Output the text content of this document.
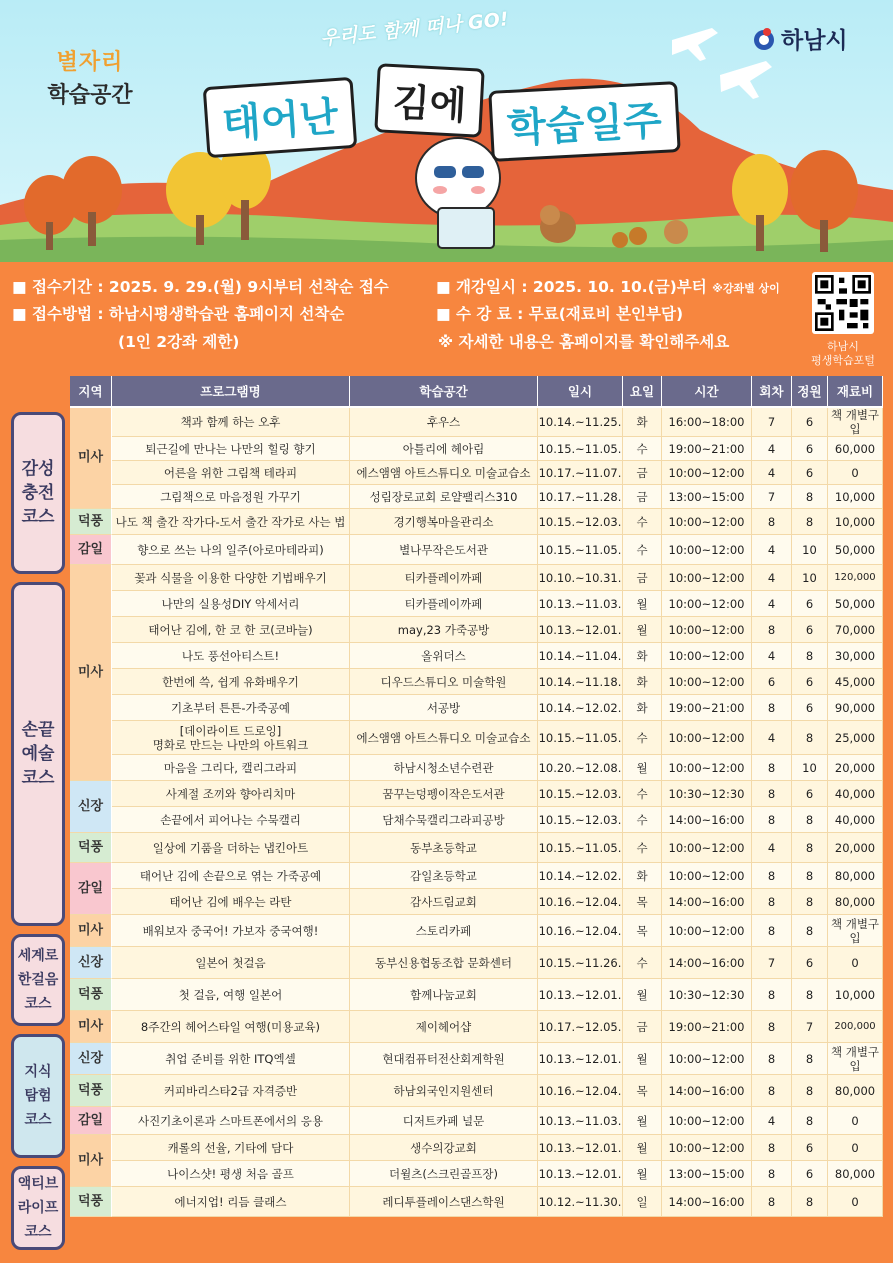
별자리
학습공간
우리도 함께 떠나 GO!	하남시
태어난	김에 학습일주
■ 접수기간 : 2025. 9. 29.(월) 9시부터 선착순 접수	■ 개강일시 : 2025. 10. 10.(금)부터 ※강좌별 상이
■ 접수방법 : 하남시평생학습관 홈페이지 선착순	■ 수 강 료 : 무료(재료비 본인부담)
(1인 2강좌 제한)	※ 자세한 내용은 홈페이지를 확인해주세요	하남시
평생학습포털
감성
충전
코스
손끝
예술
코스
세계로
한걸음
코스
지식
탐험
코스
액티브
라이프
코스
지역	프로그램명	학습공간	일시	요일	시간	회차	정원	재료비
미사	책과 함께 하는 오후	후우스	10.14.~11.25.	화	16:00~18:00	7	6	책 개별구입
	퇴근길에 만나는 나만의 힐링 향기	아틀리에 헤아림	10.15.~11.05.	수	19:00~21:00	4	6	60,000
	어른을 위한 그림책 테라피	에스앰앰 아트스튜디오 미술교습소	10.17.~11.07.	금	10:00~12:00	4	6	0
	그림책으로 마음정원 가꾸기	성림장로교회 로얄팰리스310	10.17.~11.28.	금	13:00~15:00	7	8	10,000
덕풍	나도 책 출간 작가다-도서 출간 작가로 사는 법	경기행복마을관리소	10.15.~12.03.	수	10:00~12:00	8	8	10,000
감일	향으로 쓰는 나의 일주(아로마테라피)	별나무작은도서관	10.15.~11.05.	수	10:00~12:00	4	10	50,000
미사	꽃과 식물을 이용한 다양한 기법배우기	티카플레이까페	10.10.~10.31.	금	10:00~12:00	4	10	120,000
	나만의 실용성DIY 악세서리	티카플레이까페	10.13.~11.03.	월	10:00~12:00	4	6	50,000
	태어난 김에, 한 코 한 코(코바늘)	may,23 가죽공방	10.13.~12.01.	월	10:00~12:00	8	6	70,000
	나도 풍선아티스트!	올위더스	10.14.~11.04.	화	10:00~12:00	4	8	30,000
	한번에 쓱, 쉽게 유화배우기	디우드스튜디오 미술학원	10.14.~11.18.	화	10:00~12:00	6	6	45,000
	기초부터 튼튼-가죽공예	서공방	10.14.~12.02.	화	19:00~21:00	8	6	90,000
	[데이라이트 드로잉]
명화로 만드는 나만의 아트워크	에스앰앰 아트스튜디오 미술교습소	10.15.~11.05.	수	10:00~12:00	4	8	25,000
	마음을 그리다, 캘리그라피	하남시청소년수련관	10.20.~12.08.	월	10:00~12:00	8	10	20,000
신장	사계절 조끼와 향아리치마	꿈꾸는덩펭이작은도서관	10.15.~12.03.	수	10:30~12:30	8	6	40,000
	손끝에서 피어나는 수묵캘리	담채수묵캘리그라피공방	10.15.~12.03.	수	14:00~16:00	8	8	40,000
덕풍	일상에 기품을 더하는 냅킨아트	동부초등학교	10.15.~11.05.	수	10:00~12:00	4	8	20,000
감일	태어난 김에 손끝으로 엮는 가죽공예	감일초등학교	10.14.~12.02.	화	10:00~12:00	8	8	80,000
	태어난 김에 배우는 라탄	감사드림교회	10.16.~12.04.	목	14:00~16:00	8	8	80,000
미사	배워보자 중국어! 가보자 중국여행!	스토리카페	10.16.~12.04.	목	10:00~12:00	8	8	책 개별구입
신장	일본어 첫걸음	동부신용협동조합 문화센터	10.15.~11.26.	수	14:00~16:00	7	6	0
덕풍	첫 걸음, 여행 일본어	함께나눔교회	10.13.~12.01.	월	10:30~12:30	8	8	10,000
미사	8주간의 헤어스타일 여행(미용교육)	제이헤어샵	10.17.~12.05.	금	19:00~21:00	8	7	200,000
신장	취업 준비를 위한 ITQ엑셀	현대컴퓨터전산회계학원	10.13.~12.01.	월	10:00~12:00	8	8	책 개별구입
덕풍	커피바리스타2급 자격증반	하남외국인지원센터	10.16.~12.04.	목	14:00~16:00	8	8	80,000
감일	사진기초이론과 스마트폰에서의 응용	디저트카페 널문	10.13.~11.03.	월	10:00~12:00	4	8	0
미사	캐롤의 선율, 기타에 담다	생수의강교회	10.13.~12.01.	월	10:00~12:00	8	6	0
	나이스샷! 평생 처음 골프	더윌츠(스크린골프장)	10.13.~12.01.	월	13:00~15:00	8	6	80,000
덕풍	에너지업! 리듬 클래스	레디투플레이스댄스학원	10.12.~11.30.	일	14:00~16:00	8	8	0
